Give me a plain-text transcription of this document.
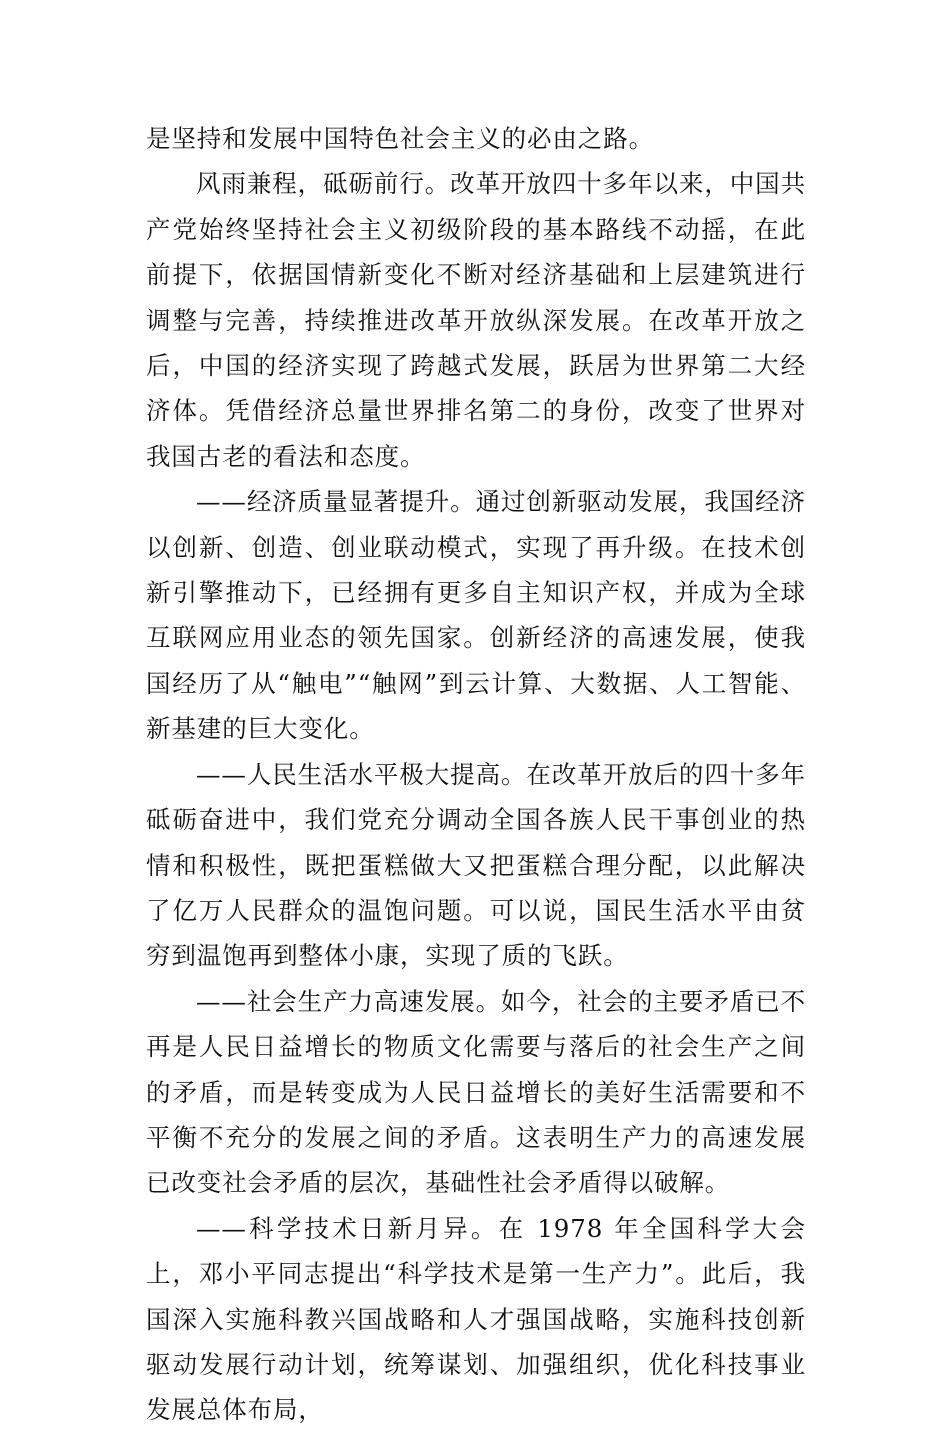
是坚持和发展中国特色社会主义的必由之路。

风雨兼程，砥砺前行。改革开放四十多年以来，中国共产党始终坚持社会主义初级阶段的基本路线不动摇，在此前提下，依据国情新变化不断对经济基础和上层建筑进行调整与完善，持续推进改革开放纵深发展。在改革开放之后，中国的经济实现了跨越式发展，跃居为世界第二大经济体。凭借经济总量世界排名第二的身份，改变了世界对我国古老的看法和态度。

——经济质量显著提升。通过创新驱动发展，我国经济以创新、创造、创业联动模式，实现了再升级。在技术创新引擎推动下，已经拥有更多自主知识产权，并成为全球互联网应用业态的领先国家。创新经济的高速发展，使我国经历了从“触电”“触网”到云计算、大数据、人工智能、新基建的巨大变化。

——人民生活水平极大提高。在改革开放后的四十多年砥砺奋进中，我们党充分调动全国各族人民干事创业的热情和积极性，既把蛋糕做大又把蛋糕合理分配，以此解决了亿万人民群众的温饱问题。可以说，国民生活水平由贫穷到温饱再到整体小康，实现了质的飞跃。

——社会生产力高速发展。如今，社会的主要矛盾已不再是人民日益增长的物质文化需要与落后的社会生产之间的矛盾，而是转变成为人民日益增长的美好生活需要和不平衡不充分的发展之间的矛盾。这表明生产力的高速发展已改变社会矛盾的层次，基础性社会矛盾得以破解。

——科学技术日新月异。在 1978 年全国科学大会上，邓小平同志提出“科学技术是第一生产力”。此后，我国深入实施科教兴国战略和人才强国战略，实施科技创新驱动发展行动计划，统筹谋划、加强组织，优化科技事业发展总体布局，
